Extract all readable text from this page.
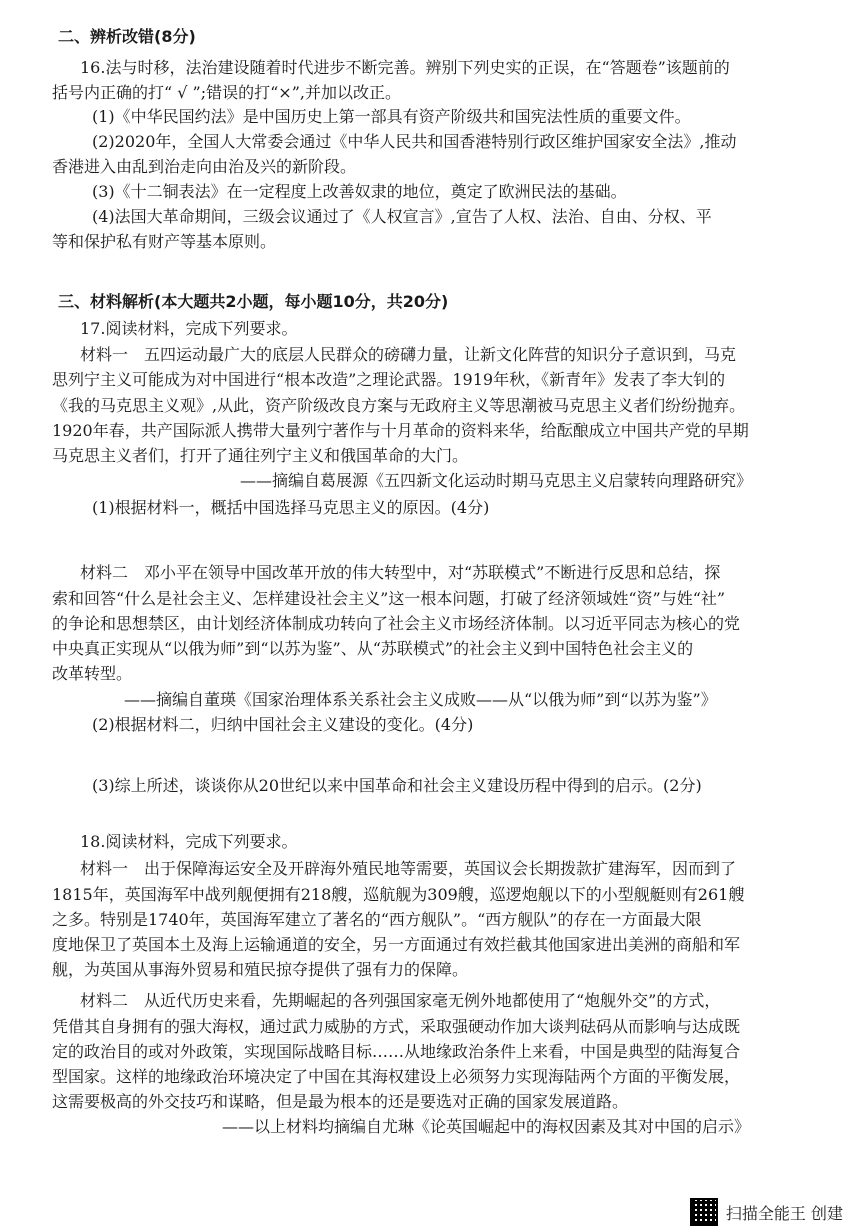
二、辨析改错(8分)
16.法与时移，法治建设随着时代进步不断完善。辨别下列史实的正误，在“答题卷”该题前的
括号内正确的打“ √ ”;错误的打“×”,并加以改正。
(1)《中华民国约法》是中国历史上第一部具有资产阶级共和国宪法性质的重要文件。
(2)2020年，全国人大常委会通过《中华人民共和国香港特别行政区维护国家安全法》,推动
香港进入由乱到治走向由治及兴的新阶段。
(3)《十二铜表法》在一定程度上改善奴隶的地位，奠定了欧洲民法的基础。
(4)法国大革命期间，三级会议通过了《人权宣言》,宣告了人权、法治、自由、分权、平
等和保护私有财产等基本原则。
三、材料解析(本大题共2小题，每小题10分，共20分)
17.阅读材料，完成下列要求。
材料一　五四运动最广大的底层人民群众的磅礴力量，让新文化阵营的知识分子意识到，马克
思列宁主义可能成为对中国进行“根本改造”之理论武器。1919年秋，《新青年》发表了李大钊的
《我的马克思主义观》,从此，资产阶级改良方案与无政府主义等思潮被马克思主义者们纷纷抛弃。
1920年春，共产国际派人携带大量列宁著作与十月革命的资料来华，给酝酿成立中国共产党的早期
马克思主义者们，打开了通往列宁主义和俄国革命的大门。
——摘编自葛展源《五四新文化运动时期马克思主义启蒙转向理路研究》
(1)根据材料一，概括中国选择马克思主义的原因。(4分)
材料二　邓小平在领导中国改革开放的伟大转型中，对“苏联模式”不断进行反思和总结，探
索和回答“什么是社会主义、怎样建设社会主义”这一根本问题，打破了经济领域姓“资”与姓“社”
的争论和思想禁区，由计划经济体制成功转向了社会主义市场经济体制。以习近平同志为核心的党
中央真正实现从“以俄为师”到“以苏为鉴”、从“苏联模式”的社会主义到中国特色社会主义的
改革转型。
——摘编自董瑛《国家治理体系关系社会主义成败——从“以俄为师”到“以苏为鉴”》
(2)根据材料二，归纳中国社会主义建设的变化。(4分)
(3)综上所述，谈谈你从20世纪以来中国革命和社会主义建设历程中得到的启示。(2分)
18.阅读材料，完成下列要求。
材料一　出于保障海运安全及开辟海外殖民地等需要，英国议会长期拨款扩建海军，因而到了
1815年，英国海军中战列舰便拥有218艘，巡航舰为309艘，巡逻炮舰以下的小型舰艇则有261艘
之多。特别是1740年，英国海军建立了著名的“西方舰队”。“西方舰队”的存在一方面最大限
度地保卫了英国本土及海上运输通道的安全，另一方面通过有效拦截其他国家进出美洲的商船和军
舰，为英国从事海外贸易和殖民掠夺提供了强有力的保障。
材料二　从近代历史来看，先期崛起的各列强国家毫无例外地都使用了“炮舰外交”的方式，
凭借其自身拥有的强大海权，通过武力威胁的方式，采取强硬动作加大谈判砝码从而影响与达成既
定的政治目的或对外政策，实现国际战略目标……从地缘政治条件上来看，中国是典型的陆海复合
型国家。这样的地缘政治环境决定了中国在其海权建设上必须努力实现海陆两个方面的平衡发展，
这需要极高的外交技巧和谋略，但是最为根本的还是要选对正确的国家发展道路。
——以上材料均摘编自尤琳《论英国崛起中的海权因素及其对中国的启示》
扫描全能王 创建
